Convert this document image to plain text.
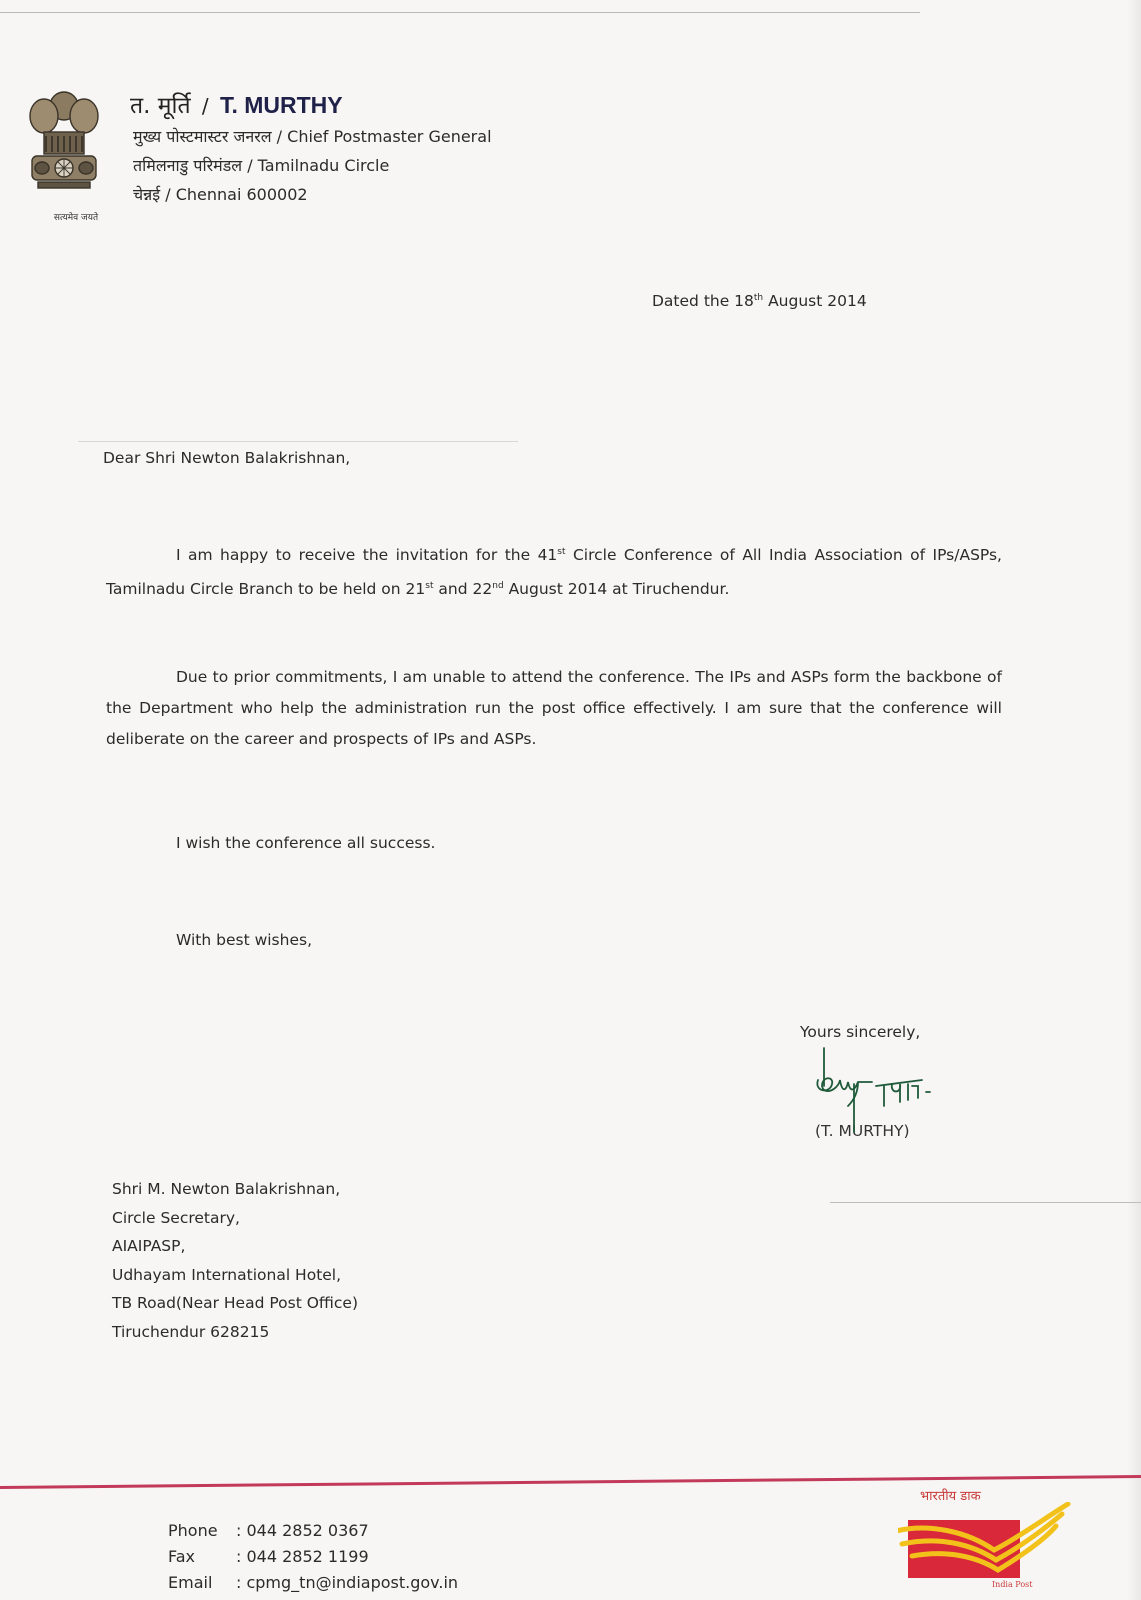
सत्यमेव जयते
त. मूर्ति / T. MURTHY
मुख्य पोस्टमास्टर जनरल / Chief Postmaster General
तमिलनाडु परिमंडल / Tamilnadu Circle
चेन्नई / Chennai 600002
Dated the 18th August 2014
Dear Shri Newton Balakrishnan,

I am happy to receive the invitation for the 41st Circle Conference of All India Association of IPs/ASPs, Tamilnadu Circle Branch to be held on 21st and 22nd August 2014 at Tiruchendur.

Due to prior commitments, I am unable to attend the conference. The IPs and ASPs form the backbone of the Department who help the administration run the post office effectively. I am sure that the conference will deliberate on the career and prospects of IPs and ASPs.

I wish the conference all success.
With best wishes,
Yours sincerely,
(T. MURTHY)
Shri M. Newton Balakrishnan,
Circle Secretary,
AIAIPASP,
Udhayam International Hotel,
TB Road(Near Head Post Office)
Tiruchendur 628215
Phone	: 044 2852 0367
Fax	: 044 2852 1199
Email	: cpmg_tn@indiapost.gov.in
भारतीय डाक
India Post
